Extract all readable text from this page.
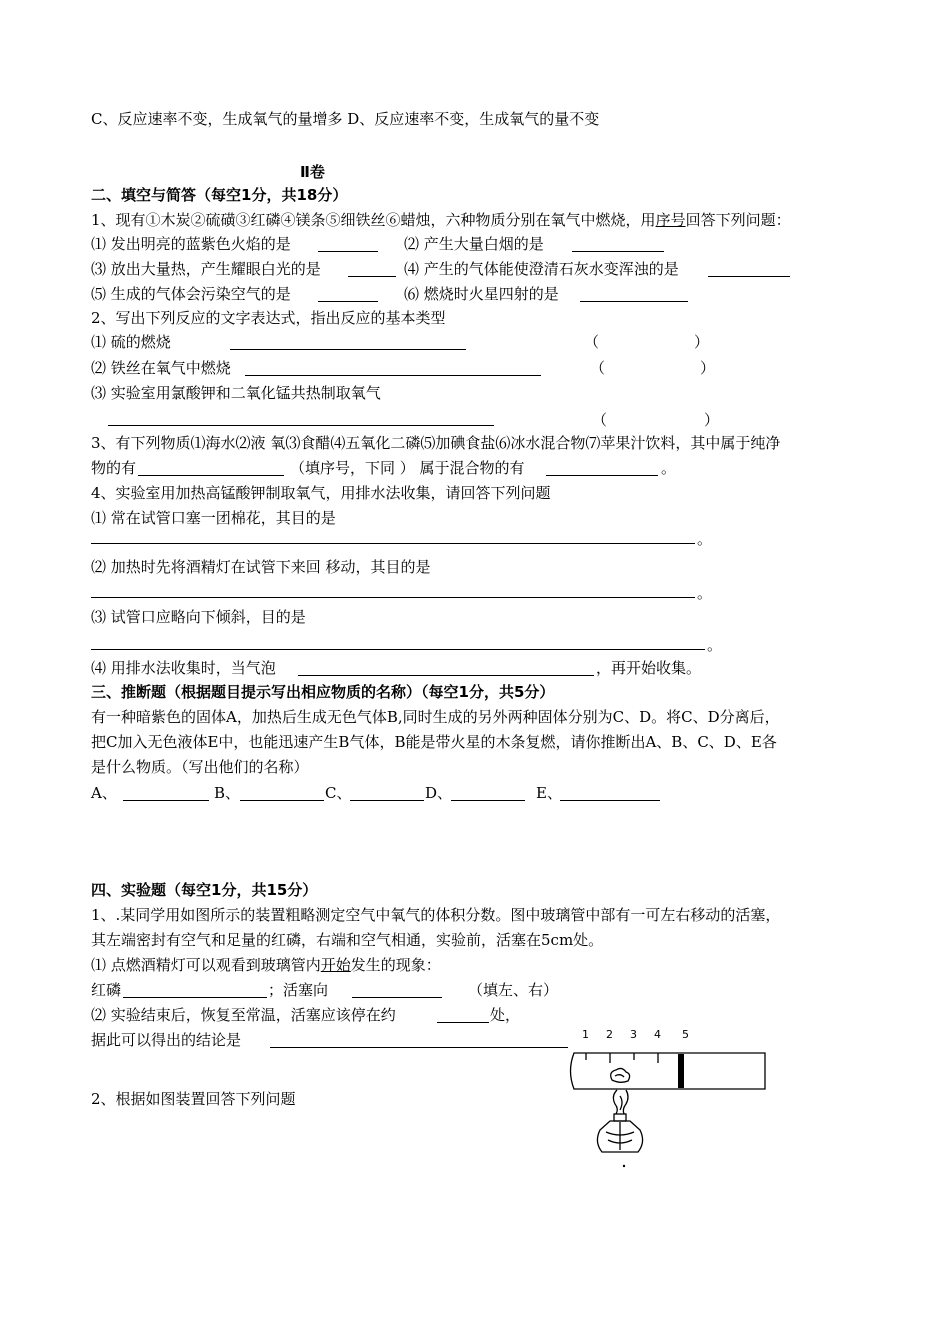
C、反应速率不变，生成氧气的量增多 D、反应速率不变，生成氧气的量不变
Ⅱ卷
二、填空与简答（每空1分，共18分）
1、现有①木炭②硫磺③红磷④镁条⑤细铁丝⑥蜡烛，六种物质分别在氧气中燃烧，用序号回答下列问题：
⑴ 发出明亮的蓝紫色火焰的是	⑵ 产生大量白烟的是
⑶ 放出大量热，产生耀眼白光的是	⑷ 产生的气体能使澄清石灰水变浑浊的是
⑸ 生成的气体会污染空气的是	⑹ 燃烧时火星四射的是
2、写出下列反应的文字表达式，指出反应的基本类型
⑴ 硫的燃烧	（	）
⑵ 铁丝在氧气中燃烧	（	）
⑶ 实验室用氯酸钾和二氧化锰共热制取氧气
（	）
3、有下列物质⑴海水⑵液 氧⑶食醋⑷五氧化二磷⑸加碘食盐⑹冰水混合物⑺苹果汁饮料，其中属于纯净
物的有	（填序号，下同 ） 属于混合物的有	。
4、实验室用加热高锰酸钾制取氧气，用排水法收集，请回答下列问题
⑴ 常在试管口塞一团棉花，其目的是
。
⑵ 加热时先将酒精灯在试管下来回 移动，其目的是
。
⑶ 试管口应略向下倾斜，目的是
。
⑷ 用排水法收集时，当气泡	，再开始收集。
三、推断题（根据题目提示写出相应物质的名称）（每空1分，共5分）
有一种暗紫色的固体A，加热后生成无色气体B,同时生成的另外两种固体分别为C、D。将C、D分离后，
把C加入无色液体E中，也能迅速产生B气体，B能是带火星的木条复燃，请你推断出A、B、C、D、E各
是什么物质。（写出他们的名称）
A、	B、	C、	D、	E、
四、实验题（每空1分，共15分）
1、.某同学用如图所示的装置粗略测定空气中氧气的体积分数。图中玻璃管中部有一可左右移动的活塞，
其左端密封有空气和足量的红磷，右端和空气相通，实验前，活塞在5cm处。
⑴ 点燃酒精灯可以观看到玻璃管内开始发生的现象：
红磷	；活塞向	（填左、右）
⑵ 实验结束后，恢复至常温，活塞应该停在约	处，
据此可以得出的结论是
2、根据如图装置回答下列问题
1 2 3 4 5
